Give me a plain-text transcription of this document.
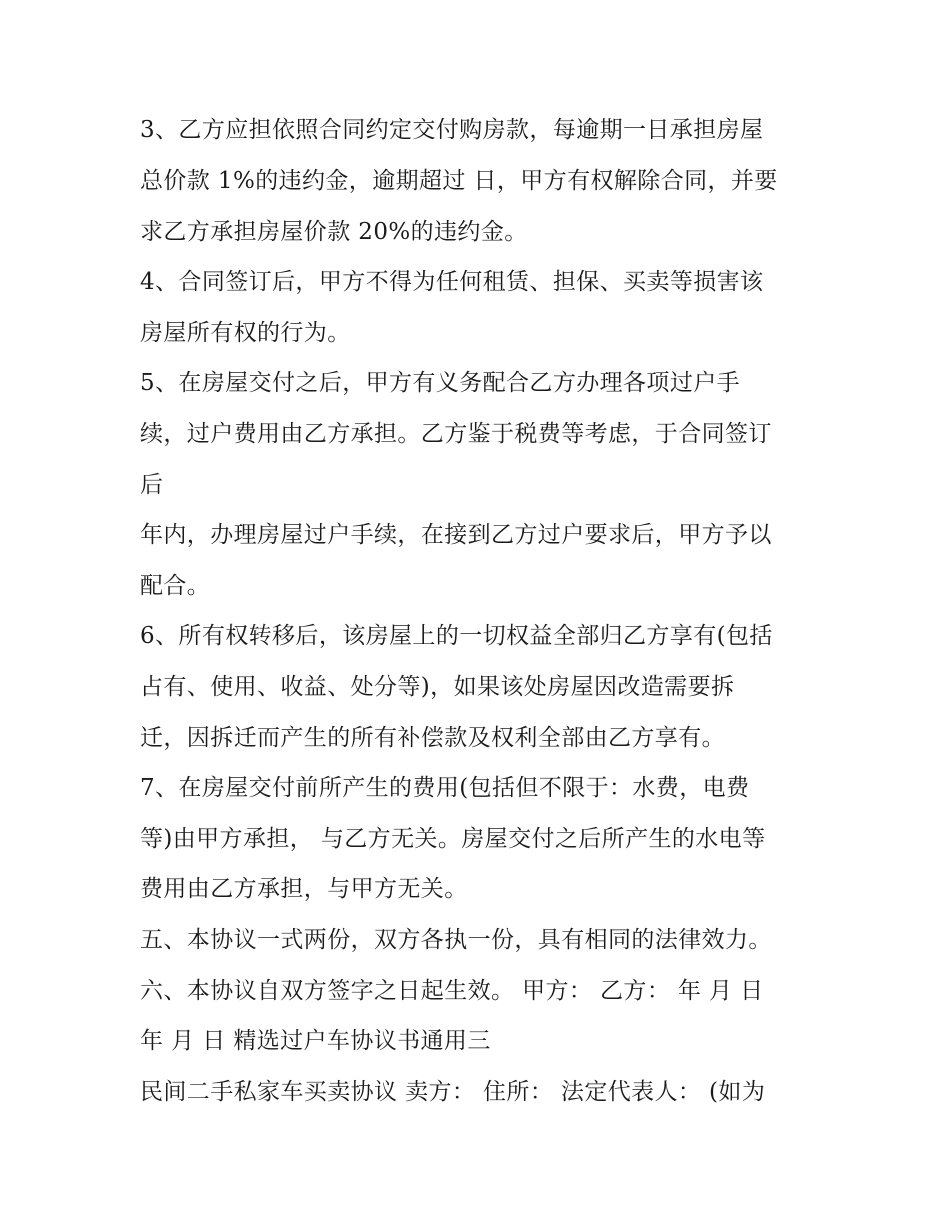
3、乙方应担依照合同约定交付购房款，每逾期一日承担房屋
总价款 1%的违约金，逾期超过 日，甲方有权解除合同，并要
求乙方承担房屋价款 20%的违约金。
4、合同签订后，甲方不得为任何租赁、担保、买卖等损害该
房屋所有权的行为。
5、在房屋交付之后，甲方有义务配合乙方办理各项过户手
续，过户费用由乙方承担。乙方鉴于税费等考虑，于合同签订
后
年内，办理房屋过户手续，在接到乙方过户要求后，甲方予以
配合。
6、所有权转移后，该房屋上的一切权益全部归乙方享有(包括
占有、使用、收益、处分等)，如果该处房屋因改造需要拆
迁，因拆迁而产生的所有补偿款及权利全部由乙方享有。
7、在房屋交付前所产生的费用(包括但不限于：水费，电费
等)由甲方承担， 与乙方无关。房屋交付之后所产生的水电等
费用由乙方承担，与甲方无关。
五、本协议一式两份，双方各执一份，具有相同的法律效力。
六、本协议自双方签字之日起生效。 甲方： 乙方： 年 月 日
年 月 日 精选过户车协议书通用三
民间二手私家车买卖协议 卖方： 住所： 法定代表人： (如为
